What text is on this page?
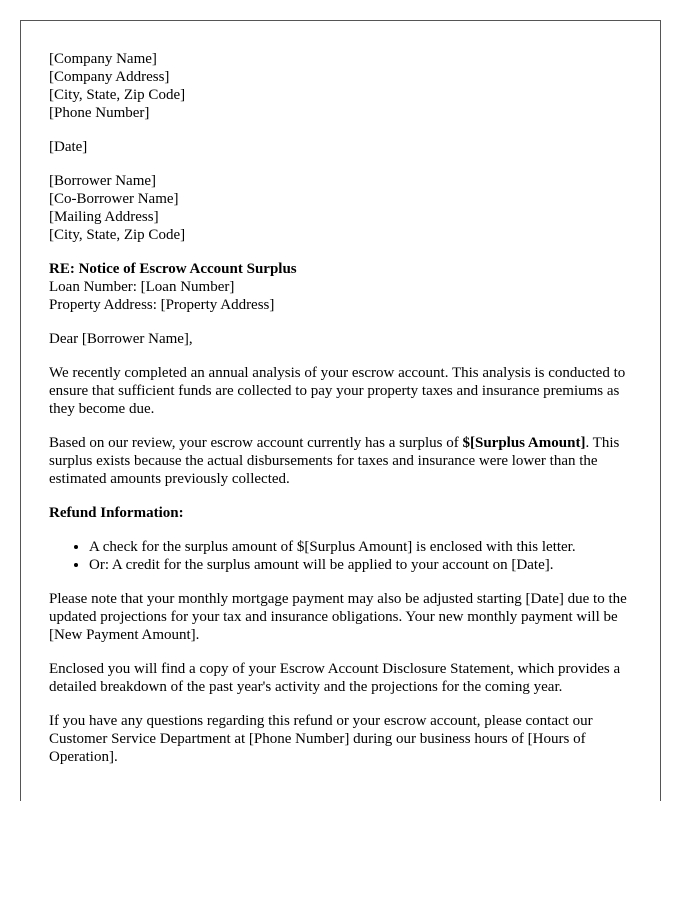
[Company Name]
[Company Address]
[City, State, Zip Code]
[Phone Number]
[Date]
[Borrower Name]
[Co-Borrower Name]
[Mailing Address]
[City, State, Zip Code]
RE: Notice of Escrow Account Surplus
Loan Number: [Loan Number]
Property Address: [Property Address]

Dear [Borrower Name],

We recently completed an annual analysis of your escrow account. This analysis is conducted to ensure that sufficient funds are collected to pay your property taxes and insurance premiums as they become due.

Based on our review, your escrow account currently has a surplus of $[Surplus Amount]. This surplus exists because the actual disbursements for taxes and insurance were lower than the estimated amounts previously collected.

Refund Information:

• A check for the surplus amount of $[Surplus Amount] is enclosed with this letter.
• Or: A credit for the surplus amount will be applied to your account on [Date].

Please note that your monthly mortgage payment may also be adjusted starting [Date] due to the updated projections for your tax and insurance obligations. Your new monthly payment will be [New Payment Amount].

Enclosed you will find a copy of your Escrow Account Disclosure Statement, which provides a detailed breakdown of the past year's activity and the projections for the coming year.

If you have any questions regarding this refund or your escrow account, please contact our Customer Service Department at [Phone Number] during our business hours of [Hours of Operation].
